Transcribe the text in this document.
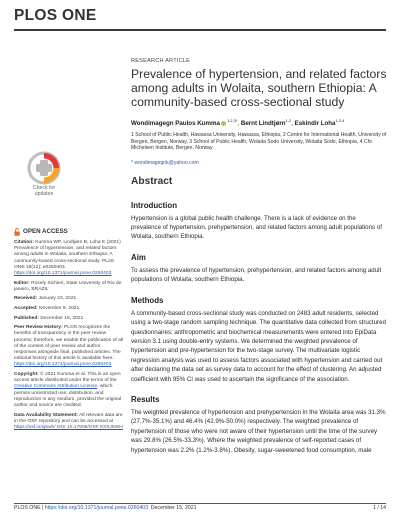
PLOS ONE
Check for
updates
OPEN ACCESS

Citation: Kumma WP, Lindtjørn B, Loha E (2021) Prevalence of hypertension, and related factors among adults in Wolaita, southern Ethiopia: A community-based cross-sectional study. PLoS ONE 16(12): e0260403. https://doi.org/10.1371/journal.pone.0260403

Editor: Rosely Sichieri, State University of Rio de janeiro, BRAZIL

Received: January 23, 2021

Accepted: November 9, 2021

Published: December 15, 2021

Peer Review History: PLOS recognizes the benefits of transparency in the peer review process; therefore, we enable the publication of all of the content of peer review and author responses alongside final, published articles. The editorial history of this article is available here: https://doi.org/10.1371/journal.pone.0260403

Copyright: © 2021 Kumma et al. This is an open access article distributed under the terms of the Creative Commons Attribution License, which permits unrestricted use, distribution, and reproduction in any medium, provided the original author and source are credited.

Data Availability Statement: All relevant data are in the OSF repository and can be accessed at https://osf.io/sj5wh/ DOI 10.17605/OSF.IO/SJ5WH

RESEARCH ARTICLE
Prevalence of hypertension, and related factors among adults in Wolaita, southern Ethiopia: A community-based cross-sectional study
Wondimagegn Paulos Kumma $^{1,2,3*}$, Bernt Lindtjørn$^{1,2}$, Eskindir Loha$^{1,2,4}$
1 School of Public Health, Hawassa University, Hawassa, Ethiopia, 2 Centre for International Health, University of Bergen, Bergen, Norway, 3 School of Public Health, Wolaita Sodo University, Wolaita Sodo, Ethiopia, 4 Chr. Michelsen Institute, Bergen, Norway
* wondimagegnk@yahoo.com
Abstract
Introduction

Hypertension is a global public health challenge. There is a lack of evidence on the prevalence of hypertension, prehypertension, and related factors among adult populations of Wolaita, southern Ethiopia.

Aim

To assess the prevalence of hypertension, prehypertension, and related factors among adult populations of Wolaita, southern Ethiopia.

Methods

A community-based cross-sectional study was conducted on 2483 adult residents, selected using a two-stage random sampling technique. The quantitative data collected from structured questionnaires; anthropometric and biochemical measurements were entered into EpiData version 3.1 using double-entry systems. We determined the weighted prevalence of hypertension and pre-hypertension for the two-stage survey. The multivariate logistic regression analysis was used to assess factors associated with hypertension and carried out after declaring the data set as survey data to account for the effect of clustering. An adjusted coefficient with 95% CI was used to ascertain the significance of the association.

Results

The weighted prevalence of hypertension and prehypertension in the Wolaita area was 31.3% (27.7%-35.1%) and 46.4% (42.9%-50.0%) respectively. The weighted prevalence of hypertension of those who were not aware of their hypertension until the time of the survey was 29.8% (26.5%-33.3%). Where the weighted prevalence of self-reported cases of hypertension was 2.2% (1.2%-3.8%). Obesity, sugar-sweetened food consumption, male

PLOS ONE | https://doi.org/10.1371/journal.pone.0260403 December 15, 2021	1 / 14
